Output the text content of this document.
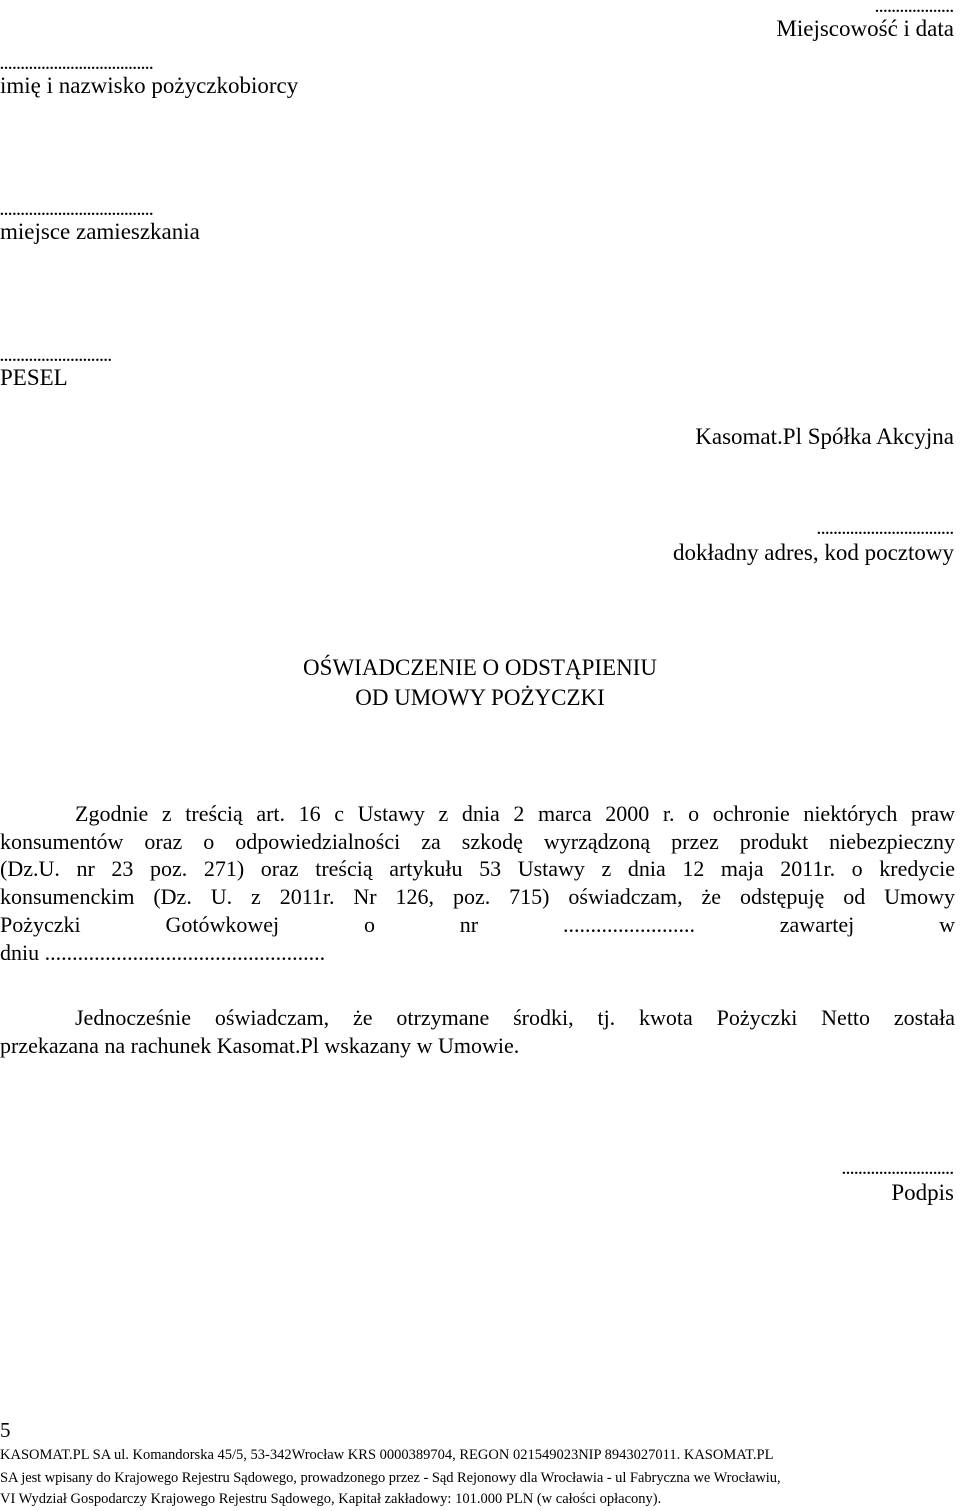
...................
Miejscowość i data
.....................................
imię i nazwisko pożyczkobiorcy
.....................................
miejsce zamieszkania
...........................
PESEL
Kasomat.Pl Spółka Akcyjna
.................................
dokładny adres, kod pocztowy
OŚWIADCZENIE O ODSTĄPIENIU
OD UMOWY POŻYCZKI
Zgodnie z treścią art. 16 c Ustawy z dnia 2 marca 2000 r. o ochronie niektórych praw
konsumentów oraz o odpowiedzialności za szkodę wyrządzoną przez produkt niebezpieczny
(Dz.U. nr 23 poz. 271) oraz treścią artykułu 53 Ustawy z dnia 12 maja 2011r. o kredycie
konsumenckim (Dz. U. z 2011r. Nr 126, poz. 715) oświadczam, że odstępuję od Umowy
Pożyczki Gotówkowej o nr ........................ zawartej w
dniu ...................................................
Jednocześnie oświadczam, że otrzymane środki, tj. kwota Pożyczki Netto została
przekazana na rachunek Kasomat.Pl wskazany w Umowie.
...........................
Podpis
5
KASOMAT.PL SA ul. Komandorska 45/5, 53-342Wrocław KRS 0000389704, REGON 021549023NIP 8943027011. KASOMAT.PL
SA jest wpisany do Krajowego Rejestru Sądowego, prowadzonego przez - Sąd Rejonowy dla Wrocławia - ul Fabryczna we Wrocławiu,
VI Wydział Gospodarczy Krajowego Rejestru Sądowego, Kapitał zakładowy: 101.000 PLN (w całości opłacony).
